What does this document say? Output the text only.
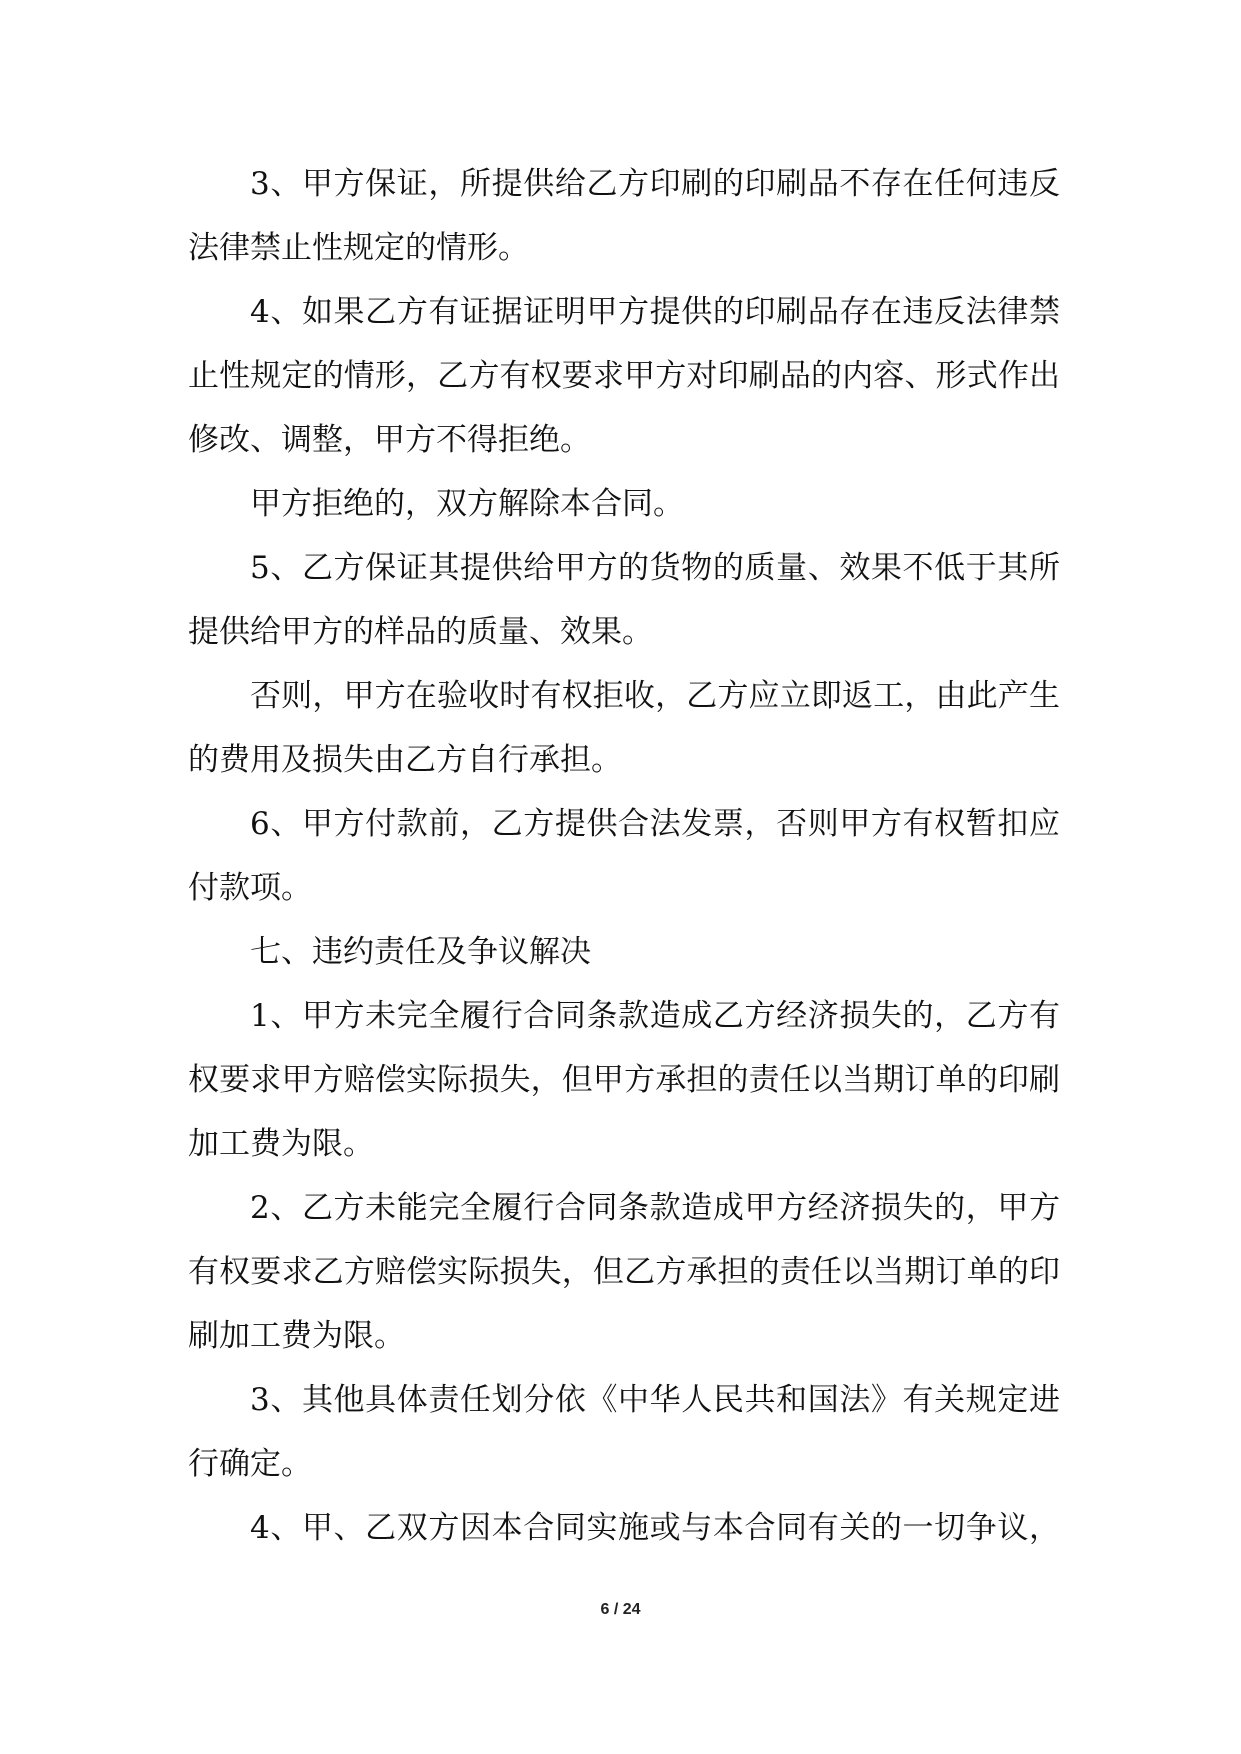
3、甲方保证，所提供给乙方印刷的印刷品不存在任何违反
法律禁止性规定的情形。
4、如果乙方有证据证明甲方提供的印刷品存在违反法律禁
止性规定的情形，乙方有权要求甲方对印刷品的内容、形式作出
修改、调整，甲方不得拒绝。
甲方拒绝的，双方解除本合同。
5、乙方保证其提供给甲方的货物的质量、效果不低于其所
提供给甲方的样品的质量、效果。
否则，甲方在验收时有权拒收，乙方应立即返工，由此产生
的费用及损失由乙方自行承担。
6、甲方付款前，乙方提供合法发票，否则甲方有权暂扣应
付款项。
七、违约责任及争议解决
1、甲方未完全履行合同条款造成乙方经济损失的，乙方有
权要求甲方赔偿实际损失，但甲方承担的责任以当期订单的印刷
加工费为限。
2、乙方未能完全履行合同条款造成甲方经济损失的，甲方
有权要求乙方赔偿实际损失，但乙方承担的责任以当期订单的印
刷加工费为限。
3、其他具体责任划分依《中华人民共和国法》有关规定进
行确定。
4、甲、乙双方因本合同实施或与本合同有关的一切争议，
6 / 24
